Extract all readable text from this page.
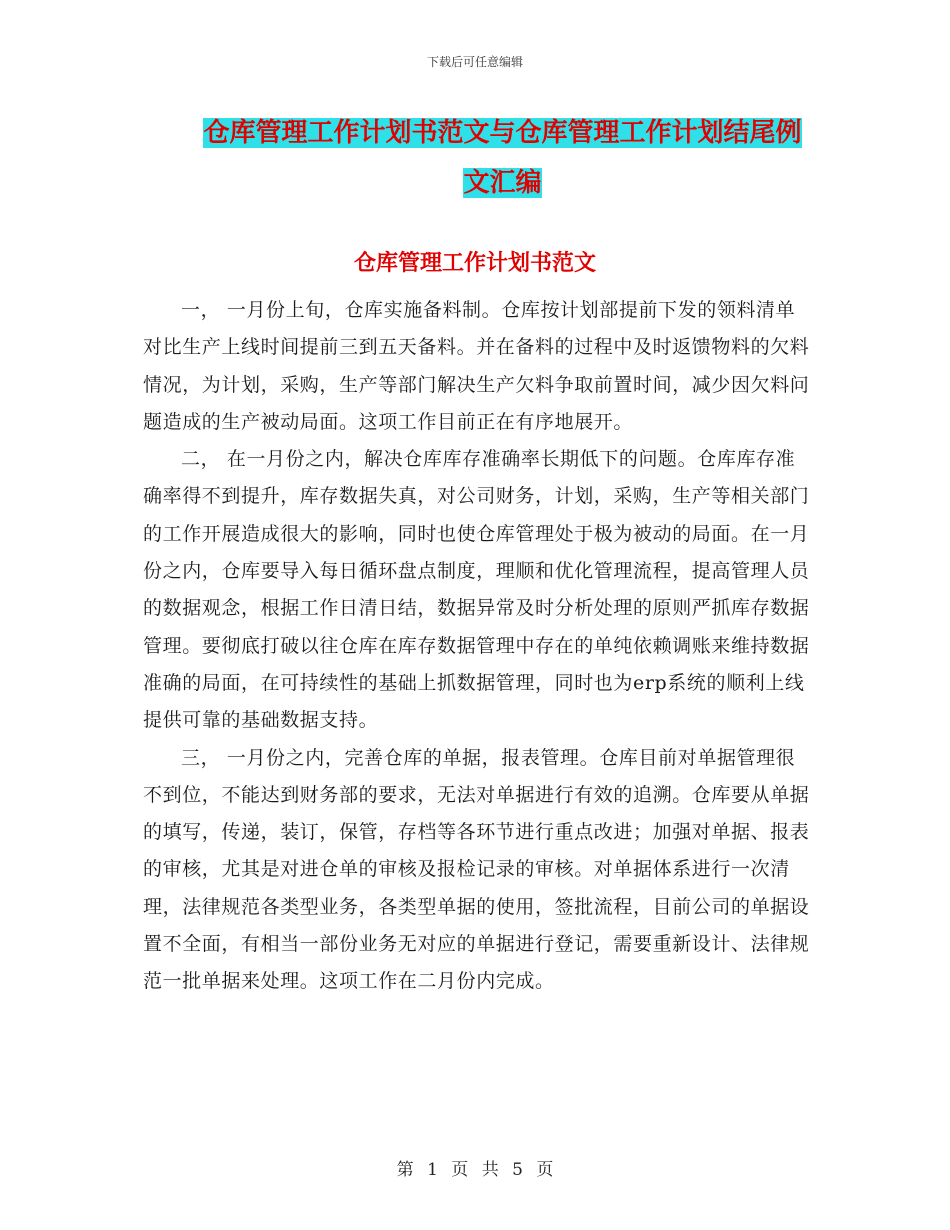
下载后可任意编辑
仓库管理工作计划书范文与仓库管理工作计划结尾例
文汇编
仓库管理工作计划书范文

一， 一月份上旬，仓库实施备料制。仓库按计划部提前下发的领料清单对比生产上线时间提前三到五天备料。并在备料的过程中及时返馈物料的欠料情况，为计划，采购，生产等部门解决生产欠料争取前置时间，减少因欠料问题造成的生产被动局面。这项工作目前正在有序地展开。

二， 在一月份之内，解决仓库库存准确率长期低下的问题。仓库库存准确率得不到提升，库存数据失真，对公司财务，计划，采购，生产等相关部门的工作开展造成很大的影响，同时也使仓库管理处于极为被动的局面。在一月份之内，仓库要导入每日循环盘点制度，理顺和优化管理流程，提高管理人员的数据观念，根据工作日清日结，数据异常及时分析处理的原则严抓库存数据管理。要彻底打破以往仓库在库存数据管理中存在的单纯依赖调账来维持数据准确的局面，在可持续性的基础上抓数据管理，同时也为erp系统的顺利上线提供可靠的基础数据支持。

三， 一月份之内，完善仓库的单据，报表管理。仓库目前对单据管理很不到位，不能达到财务部的要求，无法对单据进行有效的追溯。仓库要从单据的填写，传递，装订，保管，存档等各环节进行重点改进；加强对单据、报表的审核，尤其是对进仓单的审核及报检记录的审核。对单据体系进行一次清理，法律规范各类型业务，各类型单据的使用，签批流程，目前公司的单据设置不全面，有相当一部份业务无对应的单据进行登记，需要重新设计、法律规范一批单据来处理。这项工作在二月份内完成。

第 1 页 共 5 页
